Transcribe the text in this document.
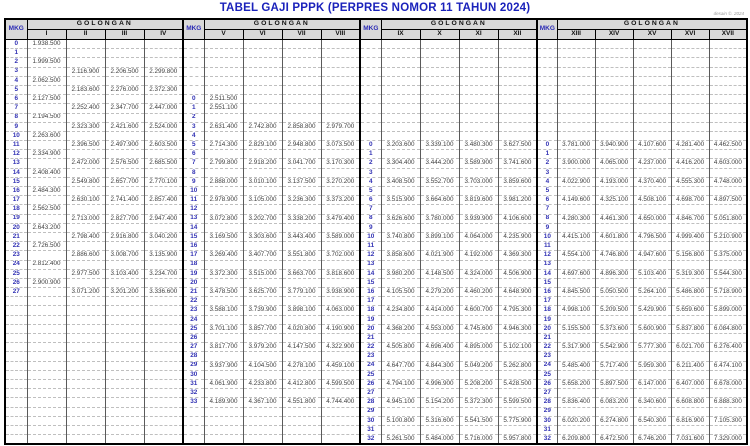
TABEL GAJI PPPK (PERPRES NOMOR 11 TAHUN 2024)	desain ©. 2024
MKG	GOLONGAN				MKG	GOLONGAN				MKG	GOLONGAN				MKG	GOLONGAN				
	I	II	III	IV		V	VI	VII	VIII		IX	X	XI	XII		XIII	XIV	XV	XVI	XVII
0	1.938.500																			
1																				
2	1.999.500																			
3		2.116.900	2.206.500	2.299.800																
4	2.062.500																			
5		2.183.600	2.276.000	2.372.300																
6	2.127.500				0	2.511.500														
7		2.252.400	2.347.700	2.447.000	1	2.551.100														
8	2.194.500				2															
9		2.323.300	2.421.600	2.524.000	3	2.631.400	2.742.800	2.858.800	2.979.700											
10	2.263.600				4															
11		2.396.500	2.497.900	2.603.500	5	2.714.300	2.829.100	2.948.800	3.073.500	0	3.203.600	3.339.100	3.480.300	3.627.500	0	3.781.000	3.940.900	4.107.600	4.281.400	4.462.500
12	2.334.900				6					1					1					
13		2.472.000	2.576.500	2.685.500	7	2.799.800	2.918.200	3.041.700	3.170.300	2	3.304.400	3.444.200	3.589.900	3.741.600	2	3.900.000	4.065.000	4.237.000	4.416.200	4.603.000
14	2.408.400				8					3					3					
15		2.549.800	2.657.700	2.770.100	9	2.888.000	3.010.100	3.137.500	3.270.200	4	3.408.500	3.552.700	3.703.000	3.859.600	4	4.022.900	4.193.000	4.370.400	4.555.300	4.748.000
16	2.484.300				10					5					5					
17		2.630.100	2.741.400	2.857.400	11	2.978.900	3.105.000	3.236.300	3.373.200	6	3.515.900	3.664.600	3.819.600	3.981.200	6	4.149.600	4.325.100	4.508.100	4.698.700	4.897.500
18	2.562.500				12					7					7					
19		2.713.000	2.827.700	2.947.400	13	3.072.800	3.202.700	3.338.200	3.479.400	8	3.626.600	3.780.000	3.939.900	4.106.600	8	4.280.300	4.461.300	4.650.000	4.846.700	5.051.800
20	2.643.200				14					9					9					
21		2.798.400	2.916.800	3.040.200	15	3.169.500	3.303.600	3.443.400	3.589.000	10	3.740.800	3.899.100	4.064.000	4.235.900	10	4.415.100	4.601.800	4.796.500	4.999.400	5.210.900
22	2.726.500				16					11					11					
23		2.886.600	3.008.700	3.135.900	17	3.269.400	3.407.700	3.551.800	3.702.000	12	3.858.600	4.021.900	4.192.000	4.369.300	12	4.554.100	4.746.800	4.947.600	5.156.800	5.375.000
24	2.812.400				18					13					13					
25		2.977.500	3.103.400	3.234.700	19	3.372.300	3.515.000	3.663.700	3.818.600	14	3.980.200	4.148.500	4.324.000	4.506.900	14	4.697.600	4.896.300	5.103.400	5.319.300	5.544.300
26	2.900.900				20					15					15					
27		3.071.200	3.201.200	3.336.600	21	3.478.500	3.625.700	3.779.100	3.938.900	16	4.105.500	4.279.200	4.460.200	4.648.900	16	4.845.500	5.050.500	5.264.100	5.486.800	5.718.900
					22					17					17					
					23	3.588.100	3.739.900	3.898.100	4.063.000	18	4.234.800	4.414.000	4.600.700	4.795.300	18	4.998.100	5.209.500	5.429.900	5.659.600	5.899.000
					24					19					19					
					25	3.701.100	3.857.700	4.020.800	4.190.900	20	4.368.200	4.553.000	4.745.600	4.946.300	20	5.155.500	5.373.600	5.600.900	5.837.800	6.084.800
					26					21					21					
					27	3.817.700	3.979.200	4.147.500	4.322.900	22	4.505.800	4.696.400	4.895.000	5.102.100	22	5.317.900	5.542.900	5.777.300	6.021.700	6.276.400
					28					23					23					
					29	3.937.900	4.104.500	4.278.100	4.459.100	24	4.647.700	4.844.300	5.049.200	5.262.800	24	5.485.400	5.717.400	5.959.300	6.211.400	6.474.100
					30					25					25					
					31	4.061.900	4.233.800	4.412.800	4.599.500	26	4.794.100	4.996.900	5.208.200	5.428.500	26	5.658.200	5.897.500	6.147.000	6.407.000	6.678.000
					32					27					27					
					33	4.189.900	4.367.100	4.551.800	4.744.400	28	4.945.100	5.154.200	5.372.300	5.599.500	28	5.836.400	6.083.200	6.340.600	6.608.800	6.888.300
										29					29					
										30	5.100.800	5.316.600	5.541.500	5.775.900	30	6.020.200	6.274.800	6.540.300	6.816.900	7.105.300
										31					31					
										32	5.261.500	5.484.000	5.716.000	5.957.800	32	6.209.800	6.472.500	6.746.200	7.031.600	7.329.000
